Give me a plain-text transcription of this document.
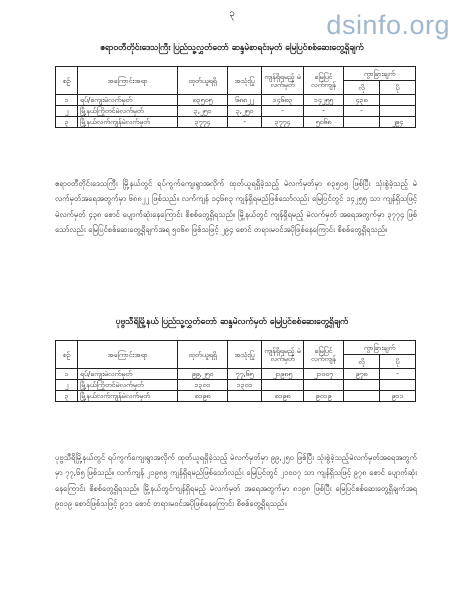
၃	dsinfo.org
ဧရာဝတီတိုင်းဒေသကြီး ပြည်သူ့လွှတ်တော် ဆန္ဒမဲစာရင်းမှတ် မြေပြင်စစ်ဆေးတွေ့ရှိချက်
စဉ်	အကြောင်းအရာ	ထုတ်ယူရရှိ	အသုံးပြု	ကျန်ရှိရမည့် မဲလက်မှတ်	မြေပြင် လက်ကျန်	ကွာခြားချက်	
						လို	ပို
၁	ရပ်/ကျေးမဲလက်မှတ်	၈၃၅၀၅	၆၈၈၂၂	၁၄၆၈၃	၁၄၂၅၅	၄၃၈	
၂	မြို့နယ်ကြိုတင်မဲလက်မှတ်	၃,၂၅၀	၃,၂၅၀	-	-	-	
၃	မြို့နယ်လက်ကျန်မဲလက်မှတ်	၃၇၇၄	-	၃၇၇၄	၅၀၆၈		၂၉၄

ဧရာဝတီတိုင်းဒေသကြီး မြို့နယ်တွင် ရပ်ကွက်ကျေးရွာအလိုက် ထုတ်ယူရရှိခဲ့သည့် မဲလက်မှတ်မှာ ၈၃၅၀၅ ဖြစ်ပြီး သုံးစွဲခဲ့သည့် မဲလက်မှတ်အရေအတွက်မှာ ၆၈၈၂၂ ဖြစ်သည်။ လက်ကျန် ၁၄၆၈၃ ကျန်ရှိရမည်ဖြစ်သော်လည်း မြေပြင်တွင် ၁၄၂၅၅ သာ ကျန်ရှိသဖြင့် မဲလက်မှတ် ၄၃၈ စောင် ပျောက်ဆုံးနေကြောင်း စိစစ်တွေ့ရှိရသည်။ မြို့နယ်တွင် ကျန်ရှိရမည့် မဲလက်မှတ် အရေအတွက်မှာ ၃၇၇၄ ဖြစ်သော်လည်း မြေပြင်စစ်ဆေးတွေ့ရှိချက်အရ ၅၀၆၈ ဖြစ်သဖြင့် ၂၉၄ စောင် တရားမဝင်အပိုဖြစ်နေကြောင်း စိစစ်တွေ့ရှိရသည်။

ပုဗ္ဗသီရိမြို့နယ် ပြည်သူ့လွှတ်တော် ဆန္ဒမဲလက်မှတ် မြေပြင်စစ်ဆေးတွေ့ရှိချက်
စဉ်	အကြောင်းအရာ	ထုတ်ယူရရှိ	အသုံးပြု	ကျန်ရှိရမည့် မဲလက်မှတ်	မြေပြင် လက်ကျန်	ကွာခြားချက်	
						လို	ပို
၁	ရပ်/ကျေးမဲလက်မှတ်	၉၉,၂၅၀	၇၇,၆၅	၂၁၉၈၅	၂၁၀၀၇	၉၇၈	-
၂	မြို့နယ်ကြိုတင်မဲလက်မှတ်	၁၃၀၁	၁၃၀၁				
၃	မြို့နယ်လက်ကျန်မဲလက်မှတ်	၈၁၉၈		၈၁၉၈	၉၀၁၉		၉၁၁

ပုဗ္ဗသီရိမြို့နယ်တွင် ရပ်ကွက်ကျေးရွာအလိုက် ထုတ်ယူရရှိခဲ့သည့် မဲလက်မှတ်မှာ ၉၉,၂၅၀ ဖြစ်ပြီး သုံးစွဲခဲ့သည့်မဲလက်မှတ်အရေအတွက်မှာ ၇၇,၆၅ ဖြစ်သည်။ လက်ကျန် ၂၁၉၈၅ ကျန်ရှိရမည်ဖြစ်သော်လည်း မြေပြင်တွင် ၂၁၀၀၇ သာ ကျန်ရှိသဖြင့် ၉၇၈ စောင် ပျောက်ဆုံးနေကြောင်း စိစစ်တွေ့ရှိရသည်။ မြို့နယ်တွင်ကျန်ရှိရမည့် မဲလက်မှတ် အရေအတွက်မှာ ၈၁၉၈ ဖြစ်ပြီး မြေပြင်စစ်ဆေးတွေ့ရှိချက်အရ ၉၀၁၉ စောင်ဖြစ်သဖြင့် ၉၁၁ စောင် တရားမဝင်အပိုဖြစ်နေကြောင်း စိစစ်တွေ့ရှိရသည်။
